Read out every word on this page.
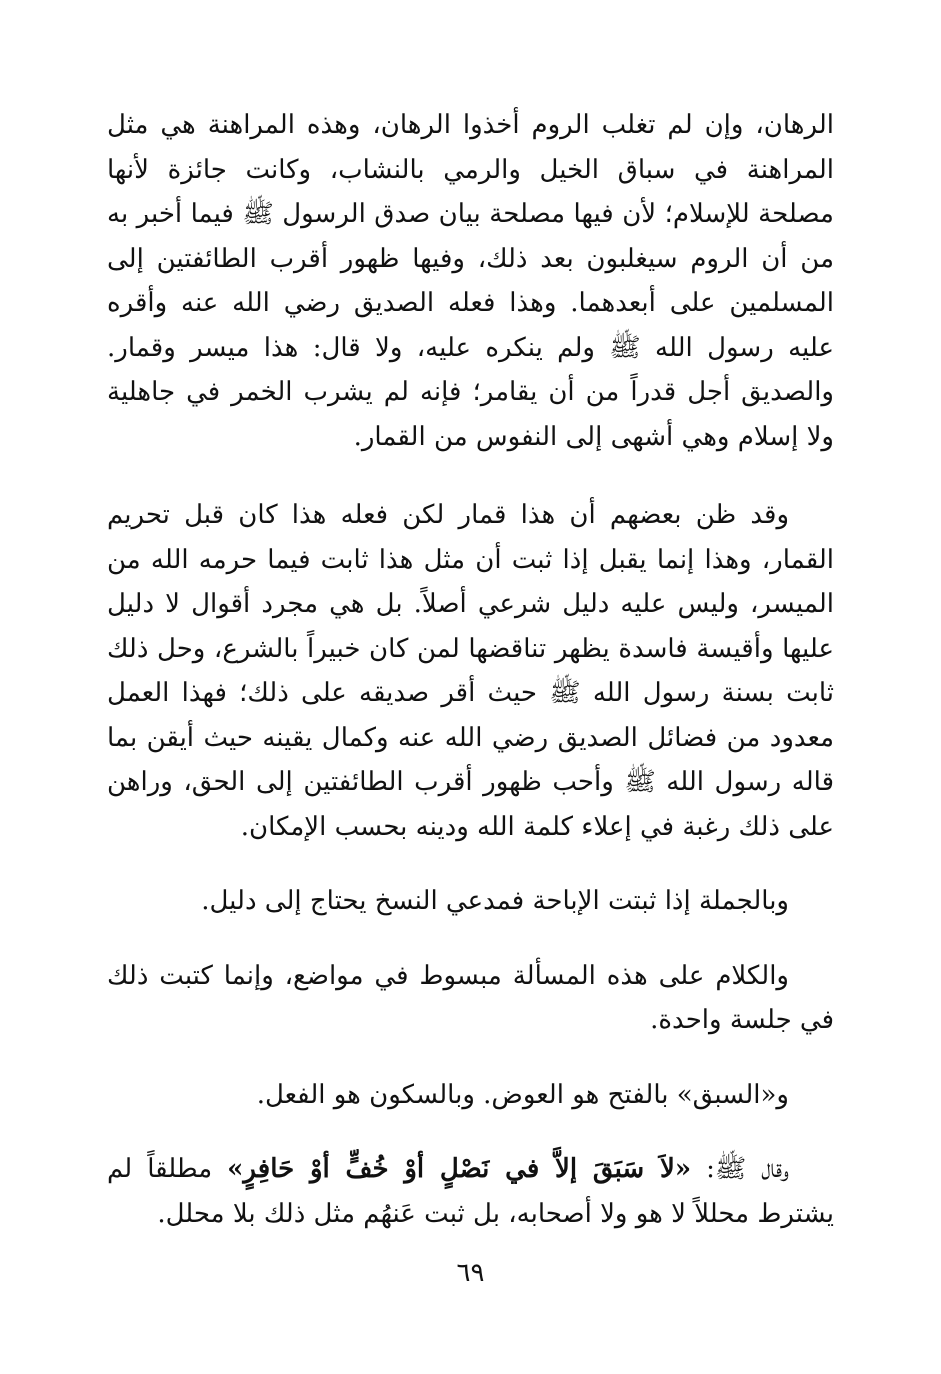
الرهان، وإن لم تغلب الروم أخذوا الرهان، وهذه المراهنة هي مثل المراهنة في سباق الخيل والرمي بالنشاب، وكانت جائزة لأنها مصلحة للإسلام؛ لأن فيها مصلحة بيان صدق الرسول ﷺ فيما أخبر به من أن الروم سيغلبون بعد ذلك، وفيها ظهور أقرب الطائفتين إلى المسلمين على أبعدهما. وهذا فعله الصديق رضي الله عنه وأقره عليه رسول الله ﷺ ولم ينكره عليه، ولا قال: هذا ميسر وقمار. والصديق أجل قدراً من أن يقامر؛ فإنه لم يشرب الخمر في جاهلية ولا إسلام وهي أشهى إلى النفوس من القمار.

وقد ظن بعضهم أن هذا قمار لكن فعله هذا كان قبل تحريم القمار، وهذا إنما يقبل إذا ثبت أن مثل هذا ثابت فيما حرمه الله من الميسر، وليس عليه دليل شرعي أصلاً. بل هي مجرد أقوال لا دليل عليها وأقيسة فاسدة يظهر تناقضها لمن كان خبيراً بالشرع، وحل ذلك ثابت بسنة رسول الله ﷺ حيث أقر صديقه على ذلك؛ فهذا العمل معدود من فضائل الصديق رضي الله عنه وكمال يقينه حيث أيقن بما قاله رسول الله ﷺ وأحب ظهور أقرب الطائفتين إلى الحق، وراهن على ذلك رغبة في إعلاء كلمة الله ودينه بحسب الإمكان.

وبالجملة إذا ثبتت الإباحة فمدعي النسخ يحتاج إلى دليل.

والكلام على هذه المسألة مبسوط في مواضع، وإنما كتبت ذلك في جلسة واحدة.

و«السبق» بالفتح هو العوض. وبالسكون هو الفعل.

وقال ﷺ: «لاَ سَبَقَ إلاَّ في نَصْلٍ أوْ خُفٍّ أوْ حَافِرٍ» مطلقاً لم يشترط محللاً لا هو ولا أصحابه، بل ثبت عَنهُم مثل ذلك بلا محلل.

٦٩
